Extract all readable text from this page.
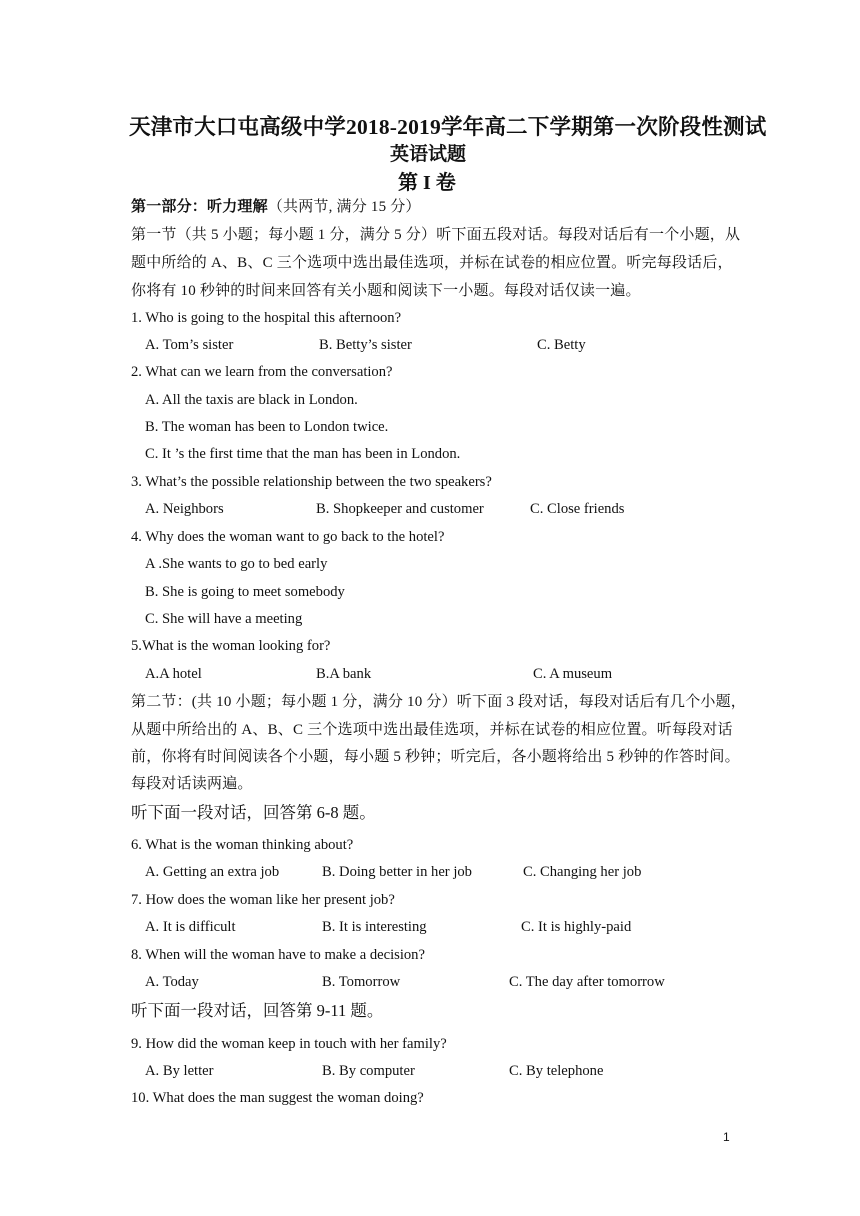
天津市大口屯高级中学2018-2019学年高二下学期第一次阶段性测试
英语试题
第 I 卷
第一部分：听力理解（共两节, 满分 15 分）
第一节（共 5 小题；每小题 1 分，满分 5 分）听下面五段对话。每段对话后有一个小题，从
题中所给的 A、B、C 三个选项中选出最佳选项，并标在试卷的相应位置。听完每段话后，
你将有 10 秒钟的时间来回答有关小题和阅读下一小题。每段对话仅读一遍。
1. Who is going to the hospital this afternoon?
A. Tom’s sister	B. Betty’s sister	C. Betty
2. What can we learn from the conversation?
A. All the taxis are black in London.
B. The woman has been to London twice.
C. It ’s the first time that the man has been in London.
3. What’s the possible relationship between the two speakers?
A. Neighbors	B. Shopkeeper and customer	C. Close friends
4. Why does the woman want to go back to the hotel?
A .She wants to go to bed early
B. She is going to meet somebody
C. She will have a meeting
5.What is the woman looking for?
A.A hotel	B.A bank	C. A museum
第二节：(共 10 小题；每小题 1 分，满分 10 分）听下面 3 段对话，每段对话后有几个小题，
从题中所给出的 A、B、C 三个选项中选出最佳选项，并标在试卷的相应位置。听每段对话
前，你将有时间阅读各个小题，每小题 5 秒钟；听完后，各小题将给出 5 秒钟的作答时间。
每段对话读两遍。
听下面一段对话，回答第 6-8 题。
6. What is the woman thinking about?
A. Getting an extra job	B. Doing better in her job	C. Changing her job
7. How does the woman like her present job?
A. It is difficult	B. It is interesting	C. It is highly-paid
8. When will the woman have to make a decision?
A. Today	B. Tomorrow	C. The day after tomorrow
听下面一段对话，回答第 9-11 题。
9. How did the woman keep in touch with her family?
A. By letter	B. By computer	C. By telephone
10. What does the man suggest the woman doing?
1
